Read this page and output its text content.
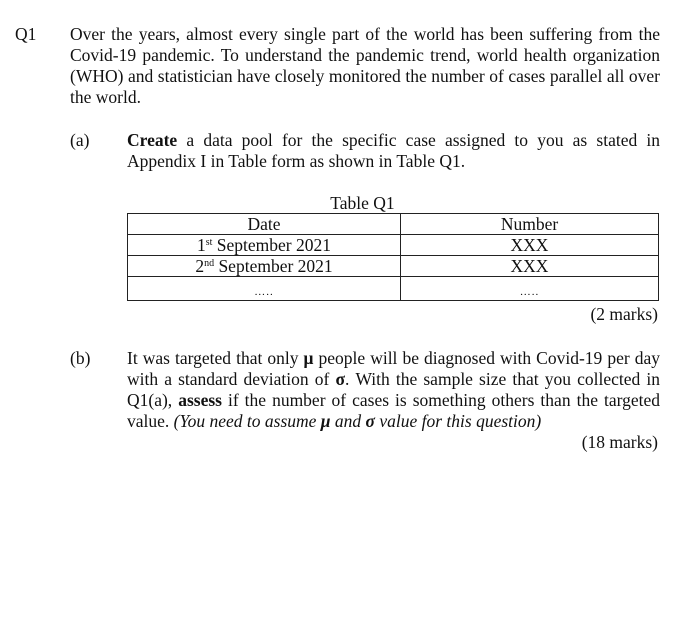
Q1 Over the years, almost every single part of the world has been suffering from the Covid-19 pandemic. To understand the pandemic trend, world health organization (WHO) and statistician have closely monitored the number of cases parallel all over the world.
(a) Create a data pool for the specific case assigned to you as stated in Appendix I in Table form as shown in Table Q1.
Table Q1
Date	Number
1st September 2021	XXX
2nd September 2021	XXX
…..	…..
(2 marks)
(b) It was targeted that only μ people will be diagnosed with Covid-19 per day with a standard deviation of σ. With the sample size that you collected in Q1(a), assess if the number of cases is something others than the targeted value. (You need to assume μ and σ value for this question)
(18 marks)
